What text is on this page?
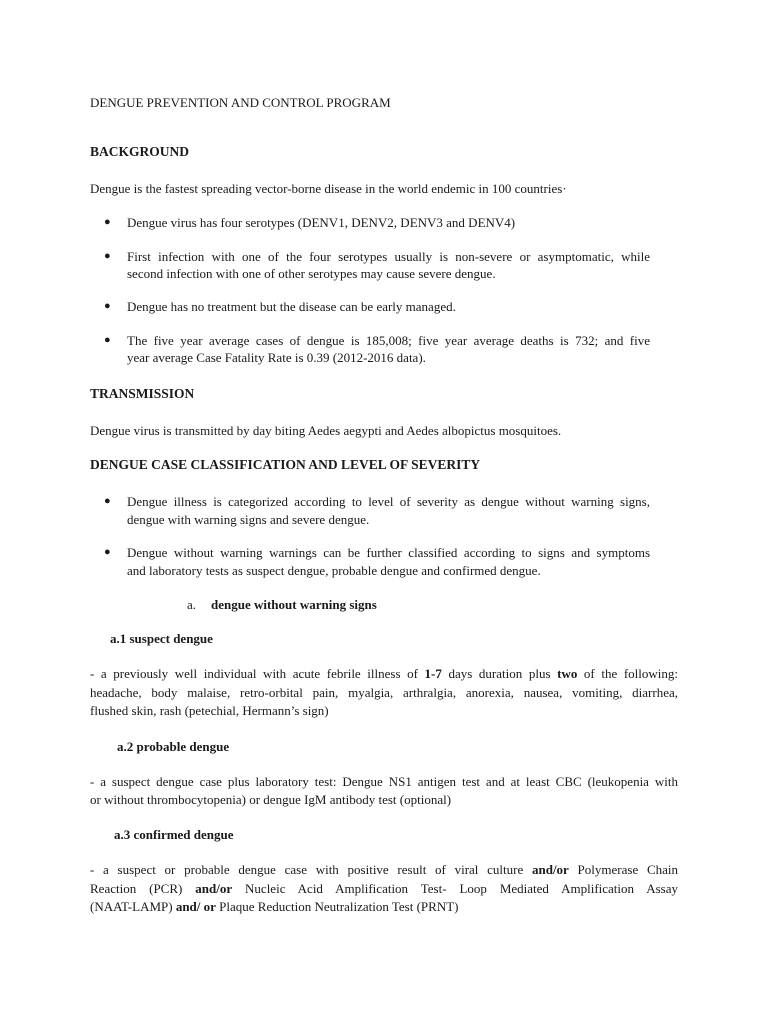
DENGUE PREVENTION AND CONTROL PROGRAM
BACKGROUND
Dengue is the fastest spreading vector-borne disease in the world endemic in 100 countries·
● Dengue virus has four serotypes (DENV1, DENV2, DENV3 and DENV4)
● First infection with one of the four serotypes usually is non-severe or asymptomatic, while
second infection with one of other serotypes may cause severe dengue.
● Dengue has no treatment but the disease can be early managed.
● The five year average cases of dengue is 185,008; five year average deaths is 732; and five
year average Case Fatality Rate is 0.39 (2012-2016 data).
TRANSMISSION
Dengue virus is transmitted by day biting Aedes aegypti and Aedes albopictus mosquitoes.
DENGUE CASE CLASSIFICATION AND LEVEL OF SEVERITY
● Dengue illness is categorized according to level of severity as dengue without warning signs,
dengue with warning signs and severe dengue.
● Dengue without warning warnings can be further classified according to signs and symptoms
and laboratory tests as suspect dengue, probable dengue and confirmed dengue.
a. dengue without warning signs
a.1 suspect dengue
- a previously well individual with acute febrile illness of 1-7 days duration plus two of the following:
headache, body malaise, retro-orbital pain, myalgia, arthralgia, anorexia, nausea, vomiting, diarrhea,
flushed skin, rash (petechial, Hermann’s sign)
a.2 probable dengue
- a suspect dengue case plus laboratory test: Dengue NS1 antigen test and at least CBC (leukopenia with
or without thrombocytopenia) or dengue IgM antibody test (optional)
a.3 confirmed dengue
- a suspect or probable dengue case with positive result of viral culture and/or Polymerase Chain
Reaction (PCR) and/or Nucleic Acid Amplification Test- Loop Mediated Amplification Assay
(NAAT-LAMP) and/ or Plaque Reduction Neutralization Test (PRNT)
